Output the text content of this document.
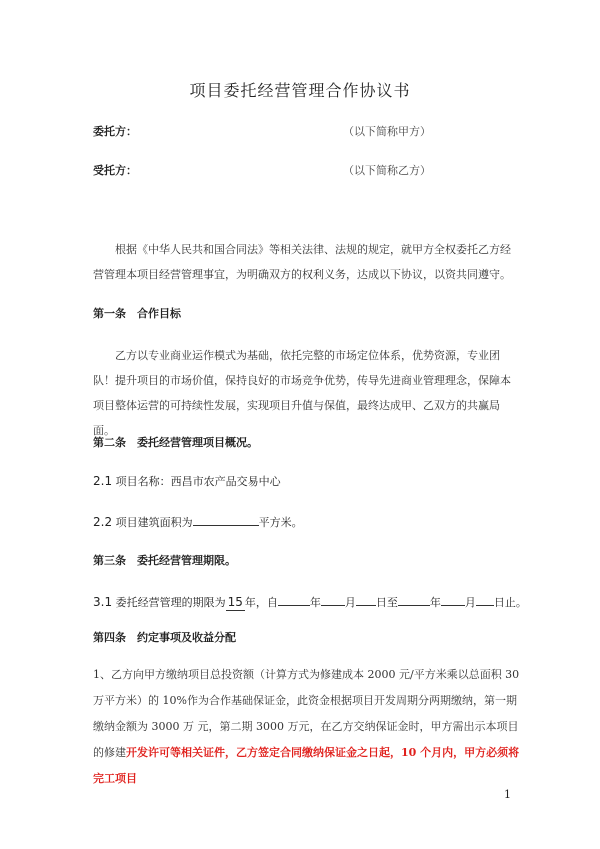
项目委托经营管理合作协议书
委托方：	（以下简称甲方）
受托方：	（以下简称乙方）
根据《中华人民共和国合同法》等相关法律、法规的规定，就甲方全权委托乙方经营管理本项目经营管理事宜，为明确双方的权利义务，达成以下协议，以资共同遵守。
第一条　合作目标
乙方以专业商业运作模式为基础，依托完整的市场定位体系，优势资源，专业团队！提升项目的市场价值，保持良好的市场竞争优势，传导先进商业管理理念，保障本项目整体运营的可持续性发展，实现项目升值与保值，最终达成甲、乙双方的共赢局面。
第二条　委托经营管理项目概况。
2.1 项目名称：西昌市农产品交易中心
2.2 项目建筑面积为	平方米。
第三条　委托经营管理期限。
3.1 委托经营管理的期限为 15 年，自	年 月 日至	年 月 日止。
第四条　约定事项及收益分配
1、乙方向甲方缴纳项目总投资额（计算方式为修建成本 2000 元/平方米乘以总面积 30 万平方米）的 10%作为合作基础保证金，此资金根据项目开发周期分两期缴纳，第一期缴纳金额为 3000 万 元，第二期 3000 万元，在乙方交纳保证金时，甲方需出示本项目的修建开发许可等相关证件，乙方签定合同缴纳保证金之日起，10 个月内，甲方必须将完工项目
1
